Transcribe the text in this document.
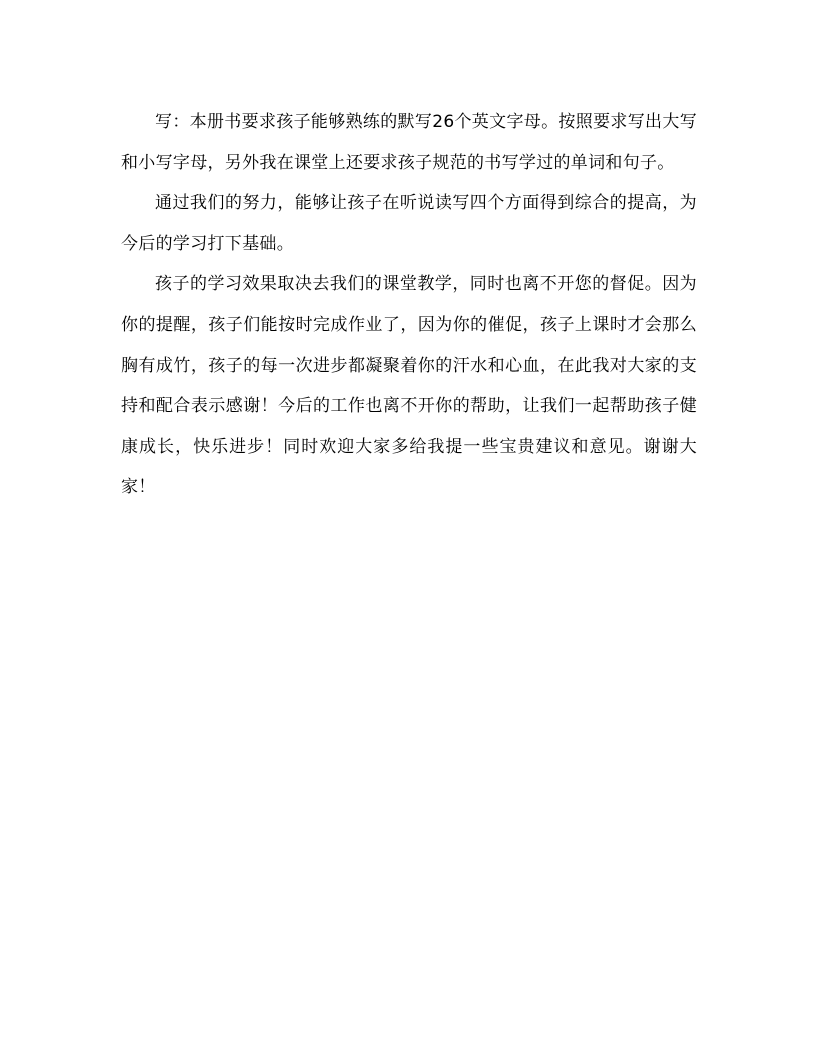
写：本册书要求孩子能够熟练的默写26个英文字母。按照要求写出大写和小写字母，另外我在课堂上还要求孩子规范的书写学过的单词和句子。

通过我们的努力，能够让孩子在听说读写四个方面得到综合的提高，为今后的学习打下基础。

孩子的学习效果取决去我们的课堂教学，同时也离不开您的督促。因为你的提醒，孩子们能按时完成作业了，因为你的催促，孩子上课时才会那么胸有成竹，孩子的每一次进步都凝聚着你的汗水和心血，在此我对大家的支持和配合表示感谢！今后的工作也离不开你的帮助，让我们一起帮助孩子健康成长，快乐进步！同时欢迎大家多给我提一些宝贵建议和意见。谢谢大家！
